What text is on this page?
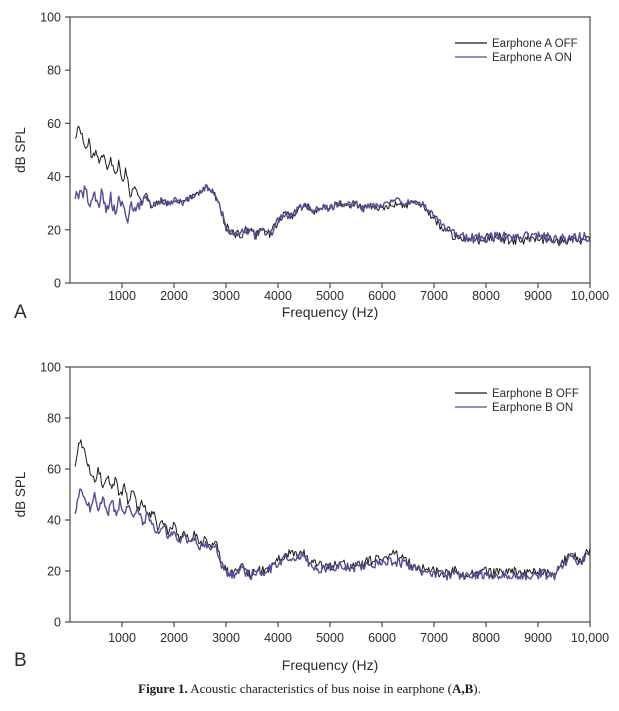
0
20
40
60
80
100
1000 2000 3000 4000 5000 6000 7000 8000 9000 10,000
Frequency (Hz)
dB SPL
Earphone A OFF
Earphone A ON
A
0
20
40
60
80
100
1000 2000 3000 4000 5000 6000 7000 8000 9000 10,000
Frequency (Hz)
dB SPL
Earphone B OFF
Earphone B ON
B
Figure 1. Acoustic characteristics of bus noise in earphone (A,B).
